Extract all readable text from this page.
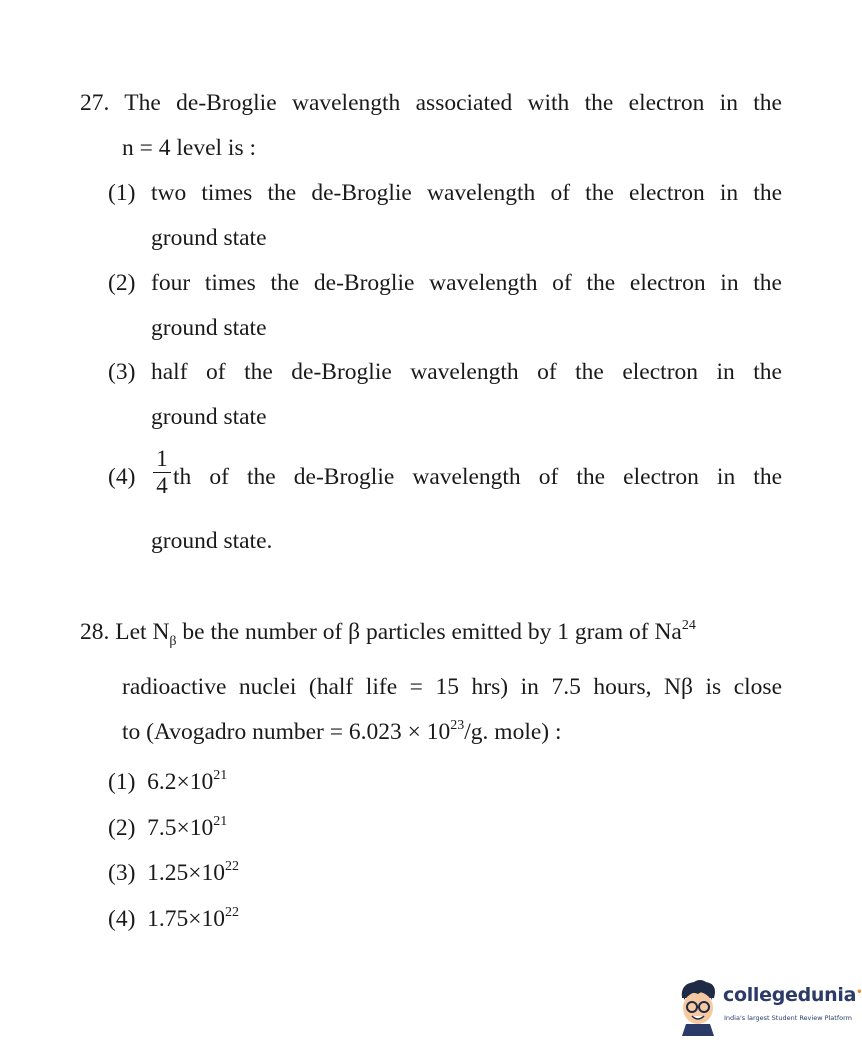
27. The de-Broglie wavelength associated with the electron in the
n = 4 level is :
(1) two times the de-Broglie wavelength of the electron in the
ground state
(2) four times the de-Broglie wavelength of the electron in the
ground state
(3) half of the de-Broglie wavelength of the electron in the
ground state
(4)
1
4 th of the de-Broglie wavelength of the electron in the
ground state.
28. Let $N_\beta$ be the number of β particles emitted by 1 gram of Na$^{24}$
radioactive nuclei (half life = 15 hrs) in 7.5 hours, Nβ is close
to (Avogadro number = $6.023 \times 10^{23}/g$. mole) :
(1) $6.2\times 10^{21}$
(2) $7.5\times 10^{21}$
(3) $1.25\times 10^{22}$
(4) $1.75\times 10^{22}$
collegedunia•
India's largest Student Review Platform
